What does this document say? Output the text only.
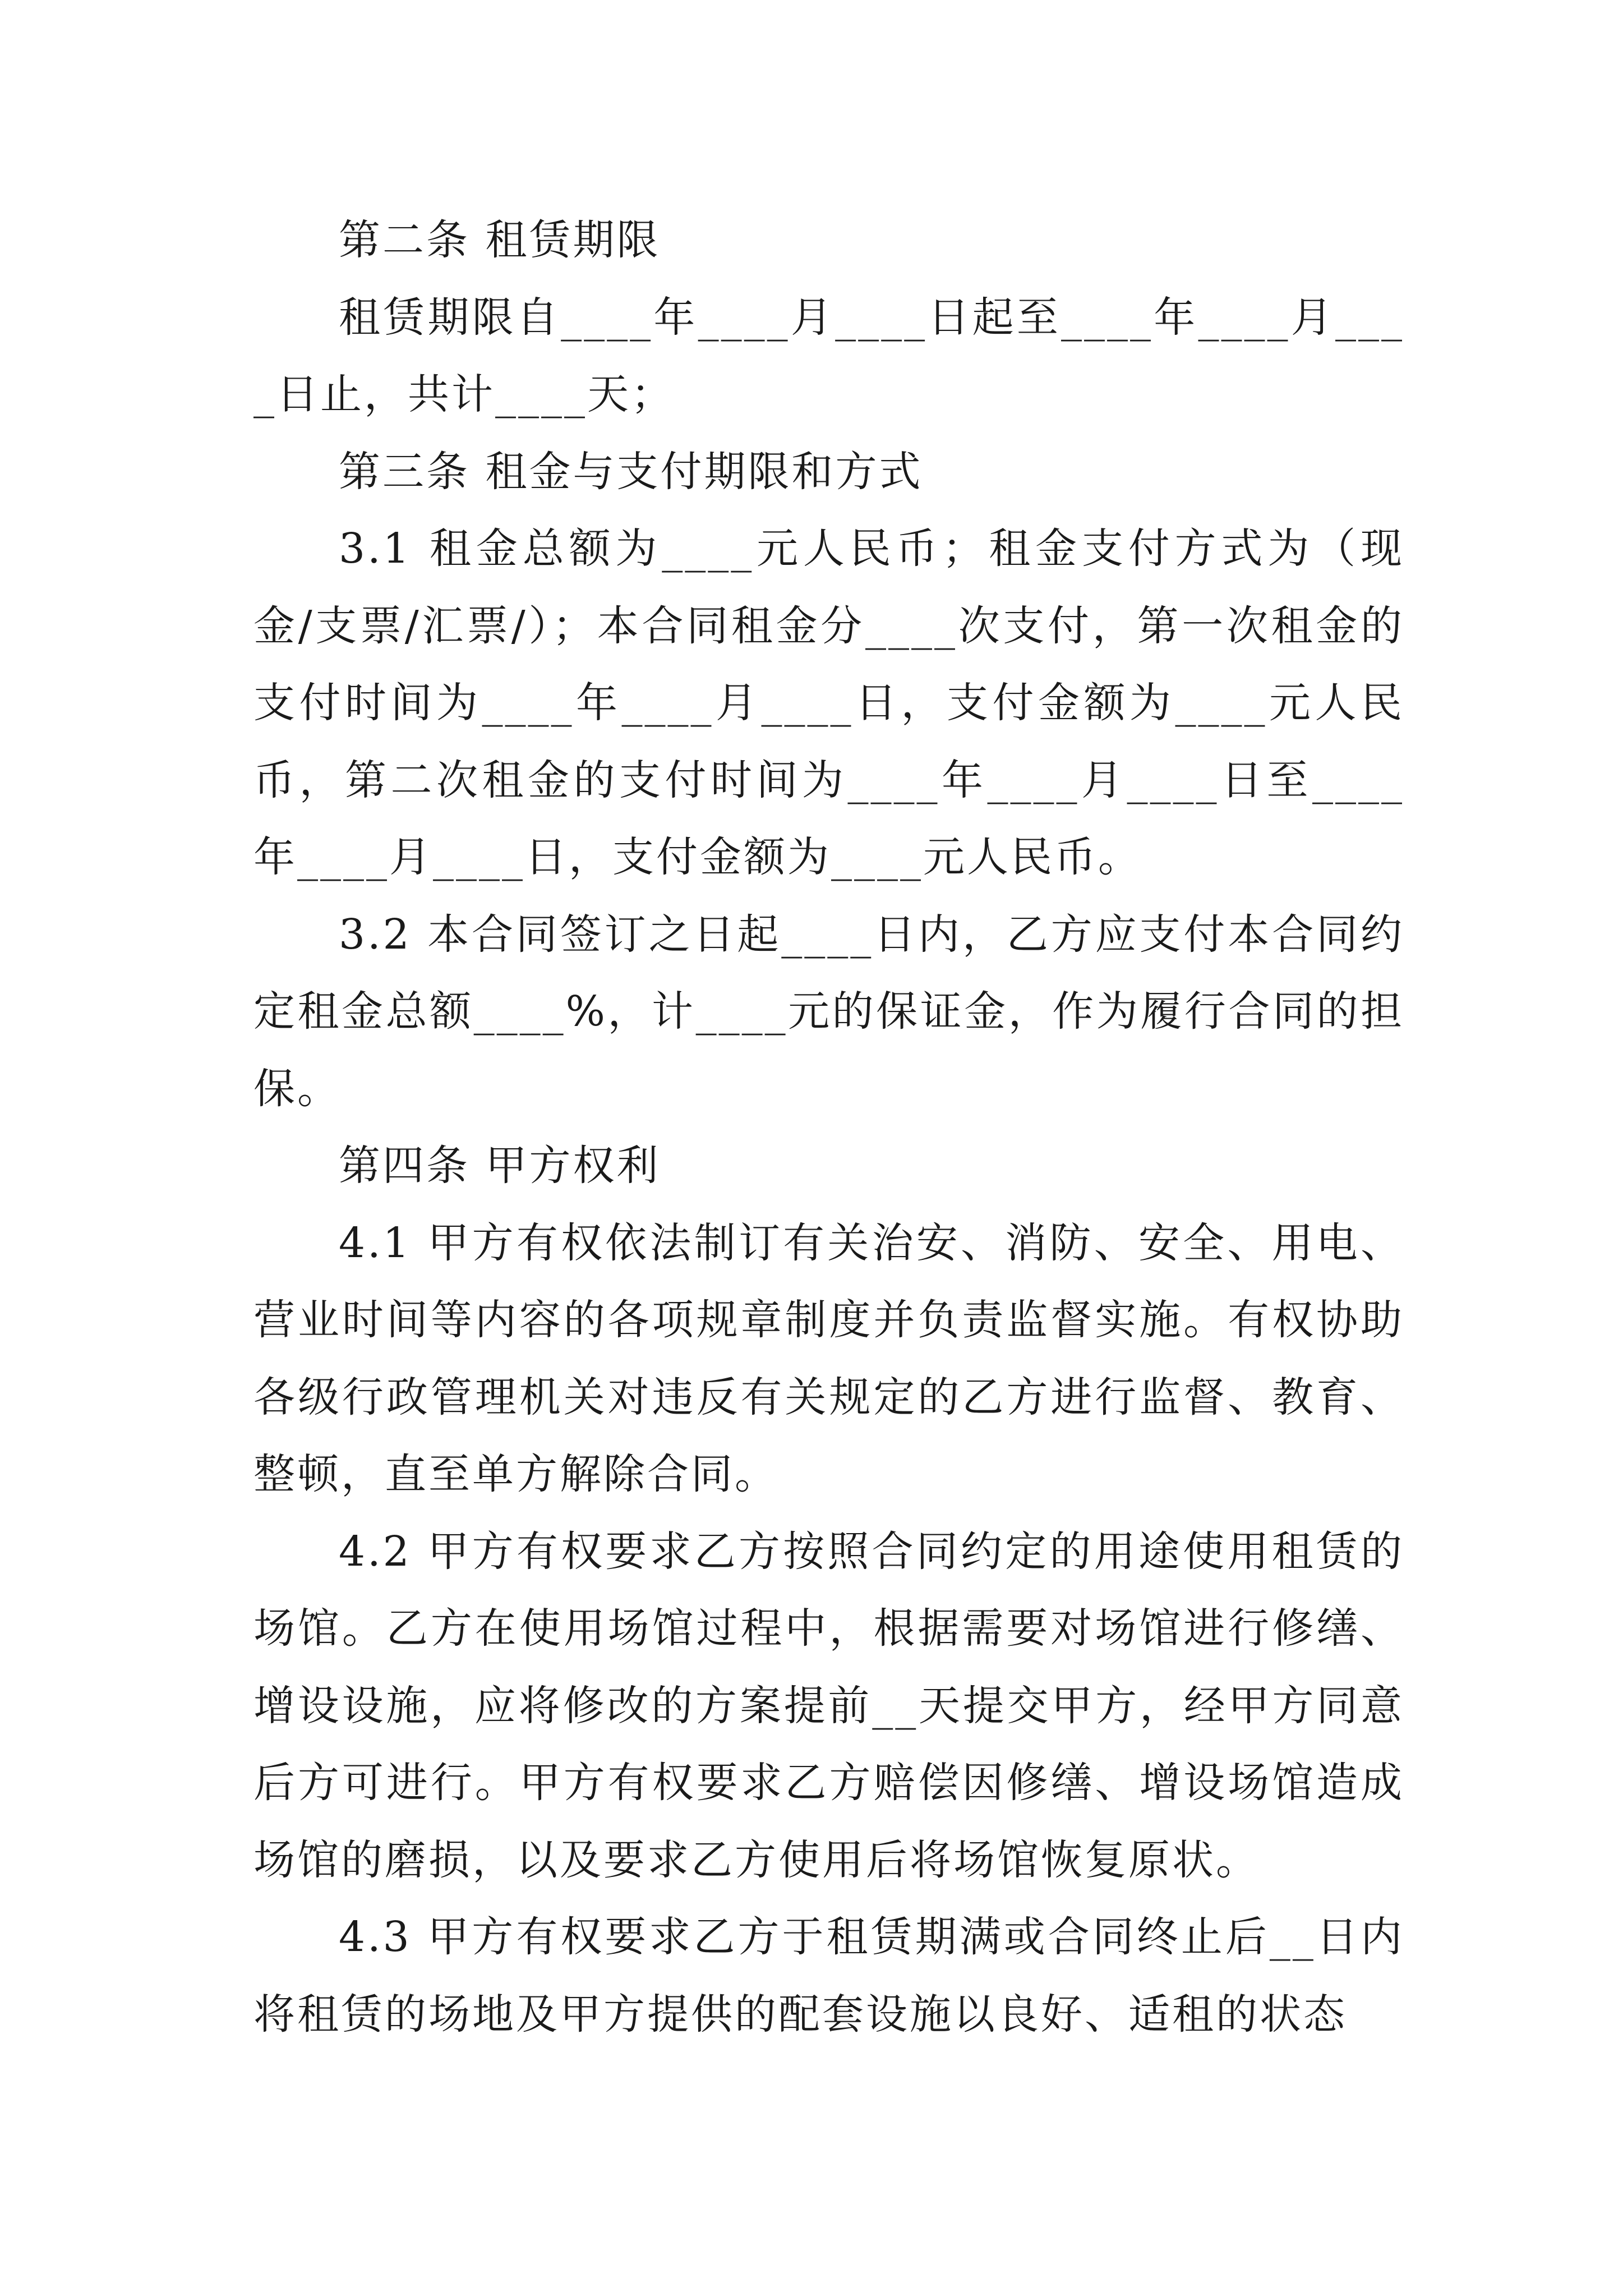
第二条 租赁期限

租赁期限自____年____月____日起至____年____月____日止，共计____天；

第三条 租金与支付期限和方式

3.1 租金总额为____元人民币；租金支付方式为（现金/支票/汇票/）；本合同租金分____次支付，第一次租金的支付时间为____年____月____日，支付金额为____元人民币，第二次租金的支付时间为____年____月____日至____年____月____日，支付金额为____元人民币。

3.2 本合同签订之日起____日内，乙方应支付本合同约定租金总额____%，计____元的保证金，作为履行合同的担保。

第四条 甲方权利

4.1 甲方有权依法制订有关治安、消防、安全、用电、营业时间等内容的各项规章制度并负责监督实施。有权协助各级行政管理机关对违反有关规定的乙方进行监督、教育、整顿，直至单方解除合同。

4.2 甲方有权要求乙方按照合同约定的用途使用租赁的场馆。乙方在使用场馆过程中，根据需要对场馆进行修缮、增设设施，应将修改的方案提前__天提交甲方，经甲方同意后方可进行。甲方有权要求乙方赔偿因修缮、增设场馆造成场馆的磨损，以及要求乙方使用后将场馆恢复原状。

4.3 甲方有权要求乙方于租赁期满或合同终止后__日内将租赁的场地及甲方提供的配套设施以良好、适租的状态
